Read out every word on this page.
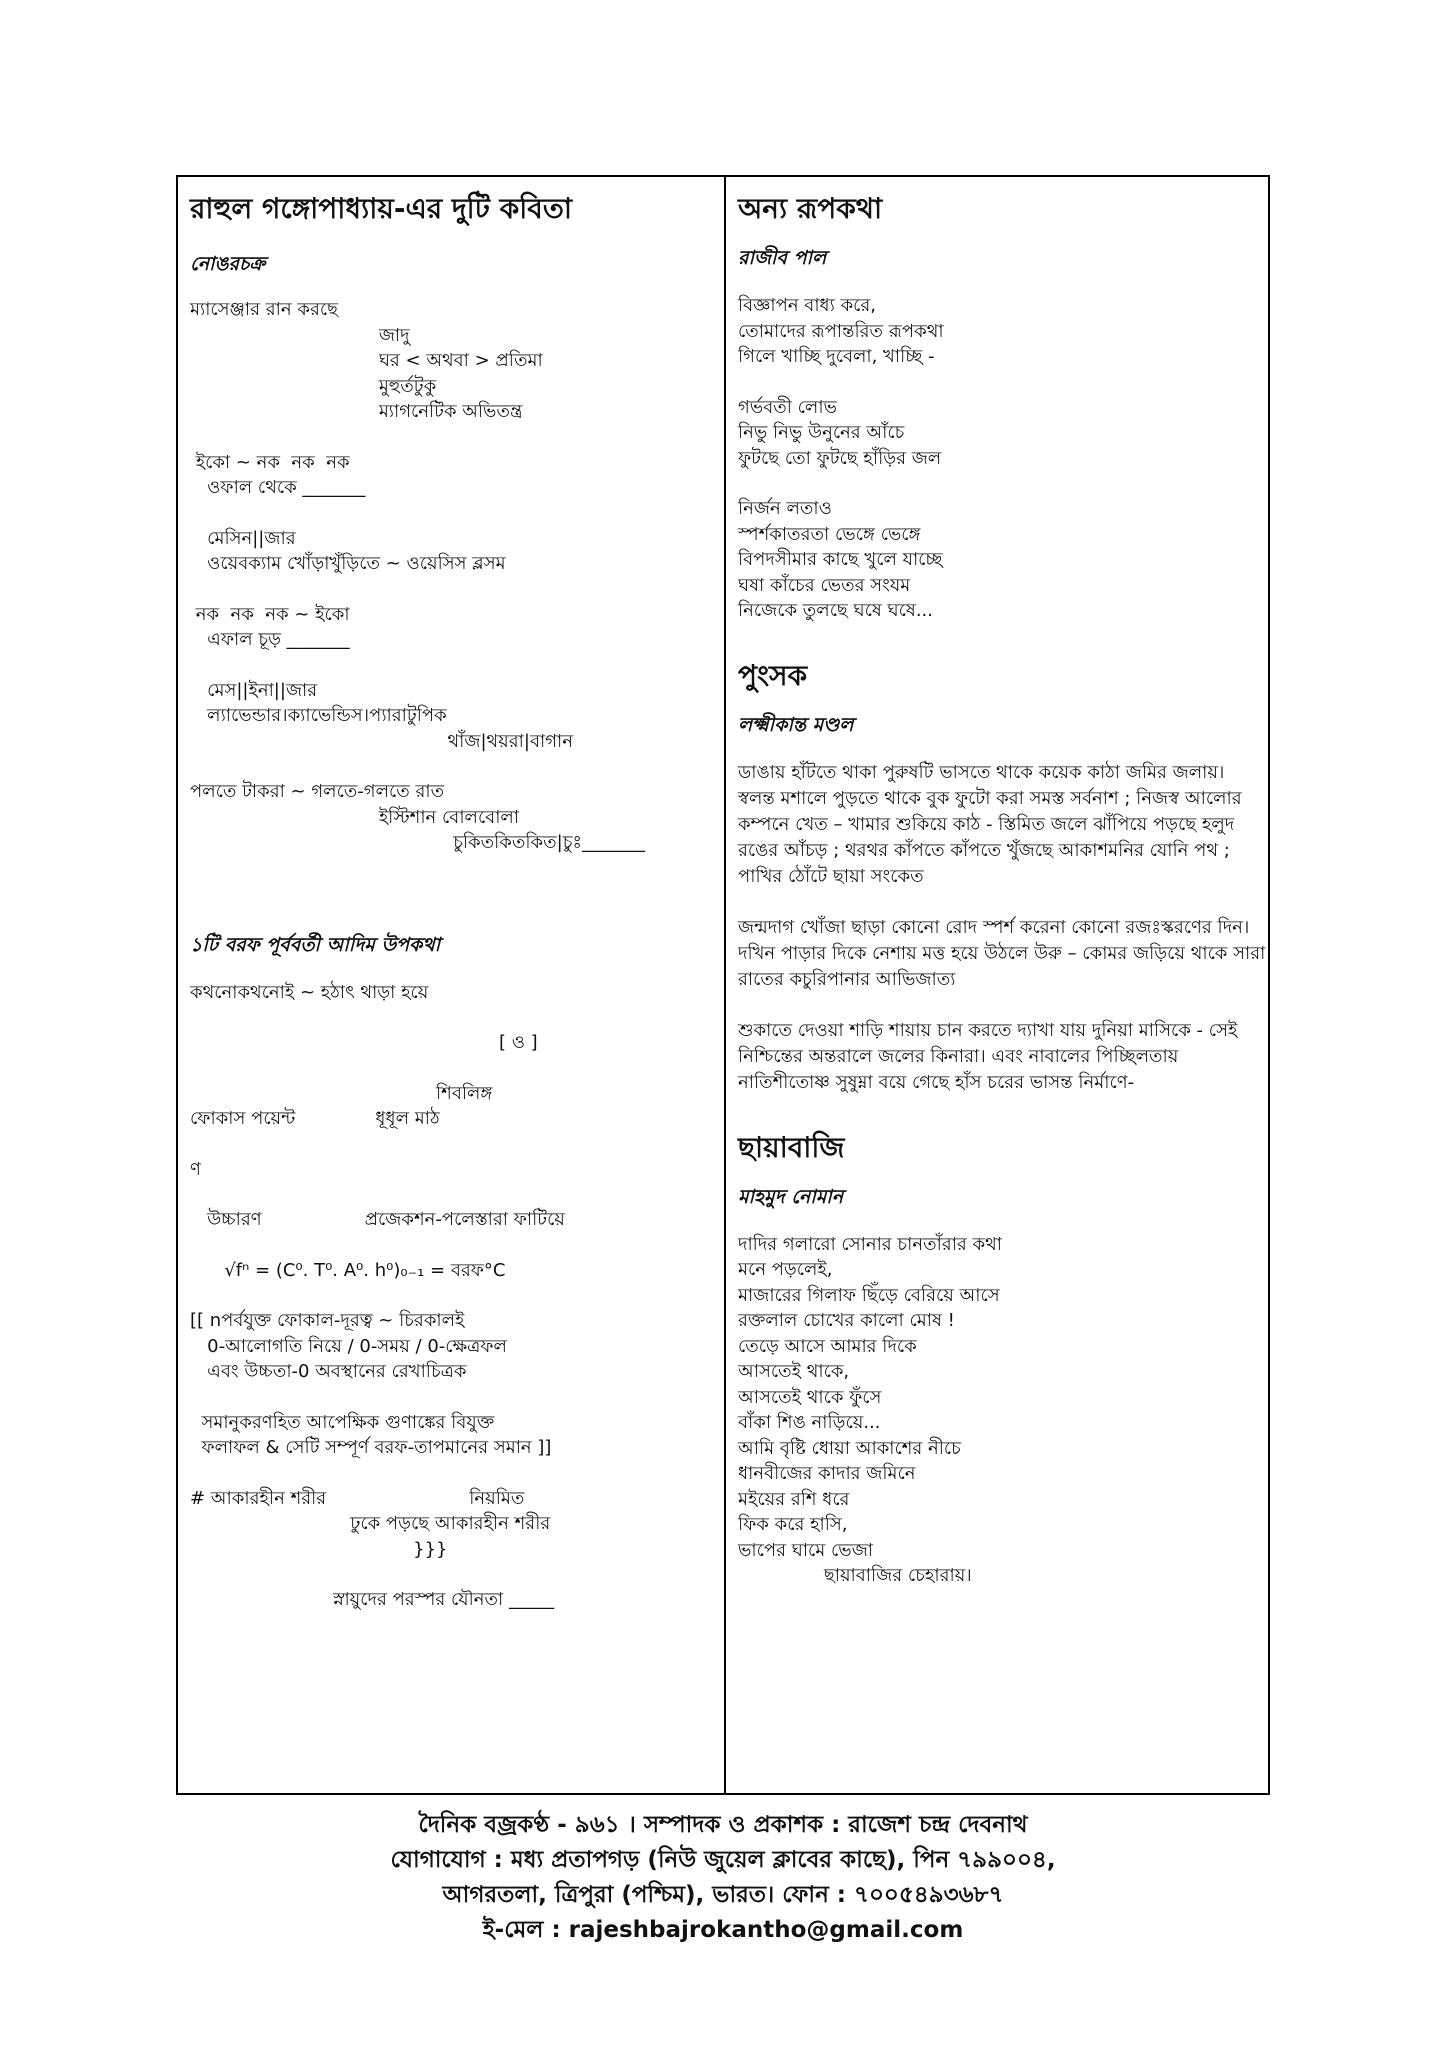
রাহুল গঙ্গোপাধ্যায়-এর দুটি কবিতা
নোঙরচক্র
ম্যাসেঞ্জার রান করছে
জাদু
ঘর < অথবা > প্রতিমা
মুহুর্তটুকু
ম্যাগনেটিক অভিতন্ত্র
ইকো ~ নক  নক  নক
ওফাল থেকে _______
মেসিন||জার
ওয়েবক্যাম খোঁড়াখুঁড়িতে ~ ওয়েসিস ব্লসম
নক  নক  নক ~ ইকো
এফাল চূড় _______
মেস||ইনা||জার
ল্যাভেন্ডার।ক্যাভেন্ডিস।প্যারাটুপিক
থাঁজ|থয়রা|বাগান
পলতে টাকরা ~ গলতে-গলতে রাত
ইস্টিশান বোলবোলা
চুকিতকিতকিত|চুঃ_______
১টি বরফ পূর্ববর্তী আদিম উপকথা
কথনোকথনোই ~ হঠাৎ থাড়া হয়ে
[ ও ]
শিবলিঙ্গ
ফোকাস পয়েন্ট              ধূধূল মাঠ
ণ
উচ্চারণ                  প্রজেকশন-পলেস্তারা ফাটিয়ে
√fⁿ = (C⁰. T⁰. A⁰. h⁰)₀₋₁ = বরফ°C
[[ nপর্বযুক্ত ফোকাল-দূরত্ব ~ চিরকালই
0-আলোগতি নিয়ে / 0-সময় / 0-ক্ষেত্রফল
এবং উচ্চতা-0 অবস্থানের রেখাচিত্রক
সমানুকরণহিত আপেক্ষিক গুণাঙ্কের বিযুক্ত
ফলাফল & সেটি সম্পূর্ণ বরফ-তাপমানের সমান ]]
# আকারহীন শরীর                         নিয়মিত
ঢুকে পড়ছে আকারহীন শরীর
}}}
স্নায়ুদের পরস্পর যৌনতা _____
অন্য রূপকথা
রাজীব পাল
বিজ্ঞাপন বাধ্য করে,
তোমাদের রূপান্তরিত রূপকথা
গিলে খাচ্ছি দুবেলা, খাচ্ছি -
গর্ভবতী লোভ
নিভু নিভু উনুনের আঁচে
ফুটছে তো ফুটছে হাঁড়ির জল
নির্জন লতাও
স্পর্শকাতরতা ভেঙ্গে ভেঙ্গে
বিপদসীমার কাছে খুলে যাচ্ছে
ঘষা কাঁচের ভেতর সংযম
নিজেকে তুলছে ঘষে ঘষে...
পুংসক
লক্ষ্মীকান্ত মণ্ডল
ডাঙায় হাঁটতে থাকা পুরুষটি ভাসতে থাকে কয়েক কাঠা জমির জলায়। স্বলন্ত মশালে পুড়তে থাকে বুক ফুটো করা সমস্ত সর্বনাশ ; নিজস্ব আলোর কম্পনে খেত – খামার শুকিয়ে কাঠ - স্তিমিত জলে ঝাঁপিয়ে পড়ছে হলুদ রঙের আঁচড় ; থরথর কাঁপতে কাঁপতে খুঁজছে আকাশমনির যোনি পথ ; পাখির ঠোঁটে ছায়া সংকেত
জন্মদাগ খোঁজা ছাড়া কোনো রোদ স্পর্শ করেনা কোনো রজঃস্করণের দিন। দখিন পাড়ার দিকে নেশায় মত্ত হয়ে উঠলে উরু – কোমর জড়িয়ে থাকে সারা রাতের কচুরিপানার আভিজাত্য
শুকাতে দেওয়া শাড়ি শায়ায় চান করতে দ্যাখা যায় দুনিয়া মাসিকে - সেই নিশ্চিন্তের অন্তরালে জলের কিনারা। এবং নাবালের পিচ্ছিলতায় নাতিশীতোষ্ণ সুষুম্না বয়ে গেছে হাঁস চরের ভাসন্ত নির্মাণে-
ছায়াবাজি
মাহমুদ নোমান
দাদির গলারো সোনার চানতাঁরার কথা
মনে পড়লেই,
মাজারের গিলাফ ছিঁড়ে বেরিয়ে আসে
রক্তলাল চোখের কালো মোষ !
তেড়ে আসে আমার দিকে
আসতেই থাকে,
আসতেই থাকে ফুঁসে
বাঁকা শিঙ নাড়িয়ে...
আমি বৃষ্টি ধোয়া আকাশের নীচে
ধানবীজের কাদার জমিনে
মইয়ের রশি ধরে
ফিক করে হাসি,
ভাপের ঘামে ভেজা
ছায়াবাজির চেহারায়।
দৈনিক বজ্রকণ্ঠ - ৯৬১ । সম্পাদক ও প্রকাশক : রাজেশ চন্দ্র দেবনাথ
যোগাযোগ : মধ্য প্রতাপগড় (নিউ জুয়েল ক্লাবের কাছে), পিন ৭৯৯০০৪,
আগরতলা, ত্রিপুরা (পশ্চিম), ভারত। ফোন : ৭০০৫৪৯৩৬৮৭
ই-মেল : rajeshbajrokantho@gmail.com
